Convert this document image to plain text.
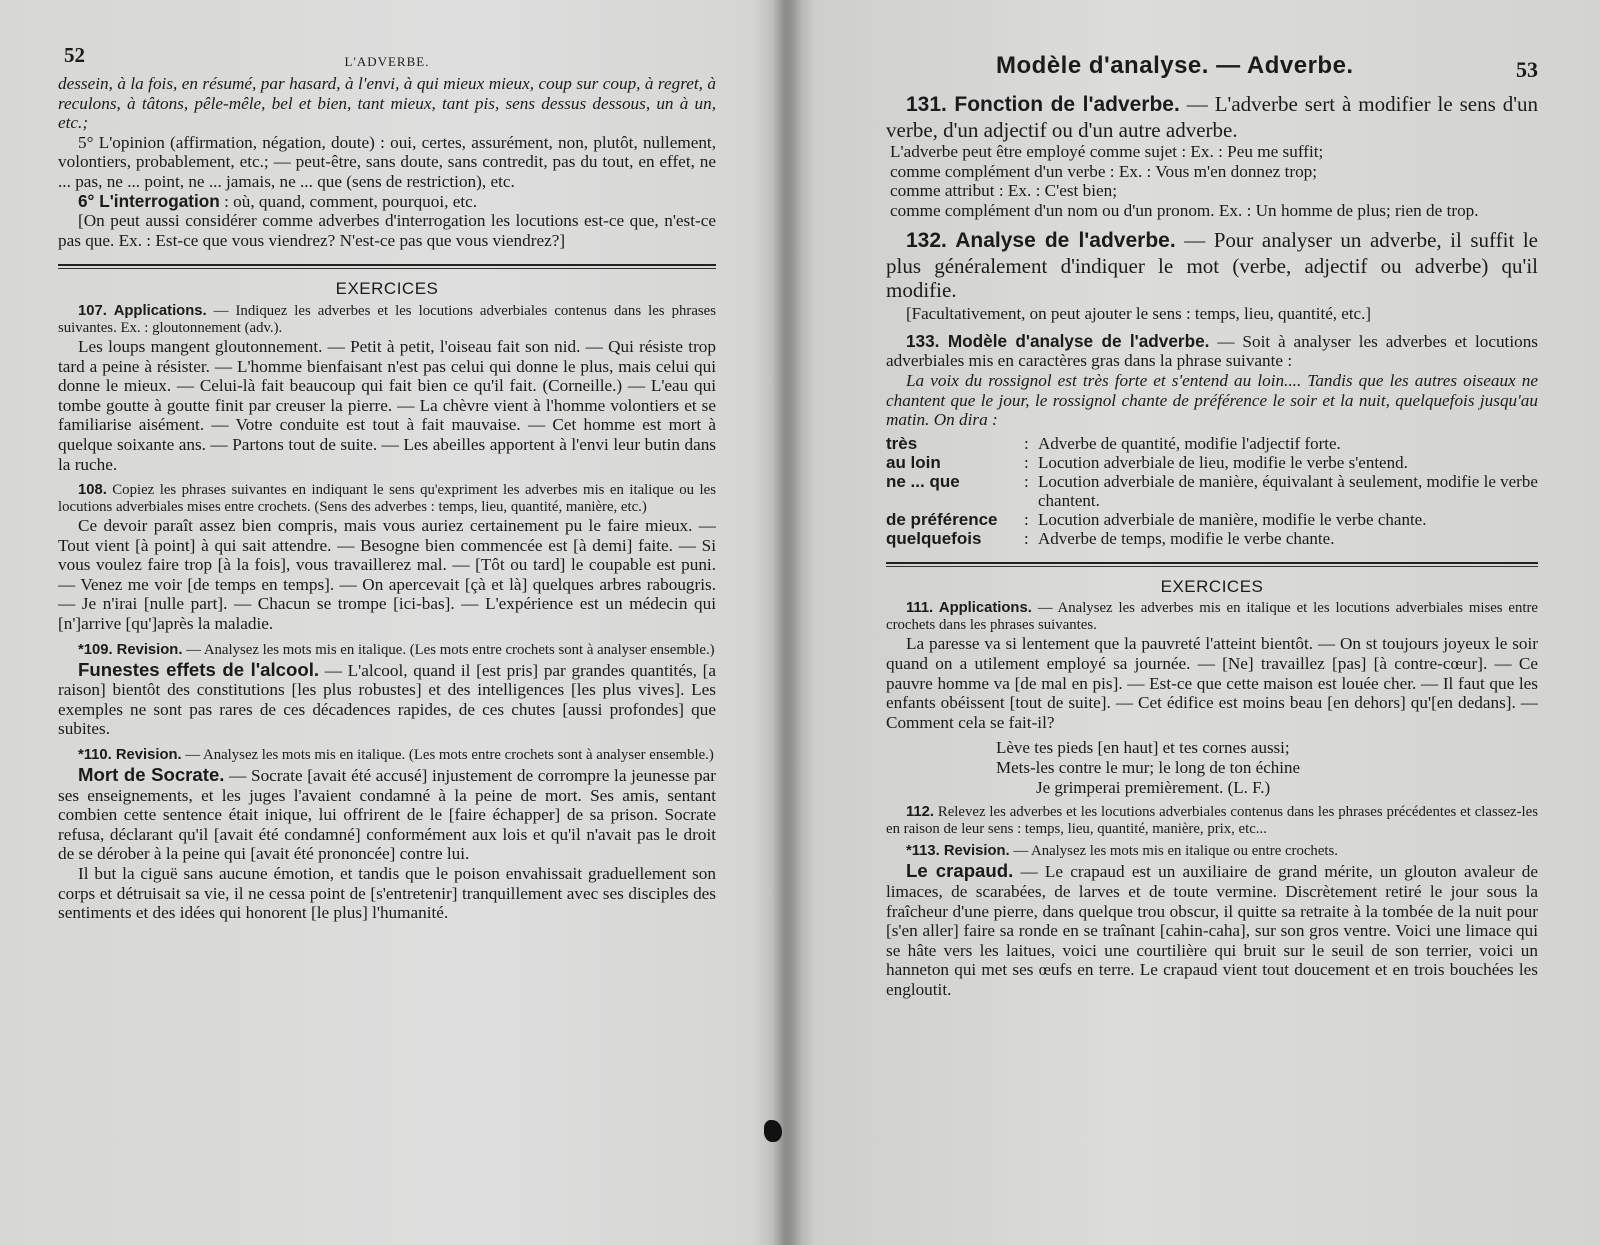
52	L'ADVERBE.

dessein, à la fois, en résumé, par hasard, à l'envi, à qui mieux mieux, coup sur coup, à regret, à reculons, à tâtons, pêle-mêle, bel et bien, tant mieux, tant pis, sens dessus dessous, un à un, etc.;

5° L'opinion (affirmation, négation, doute) : oui, certes, assurément, non, plutôt, nullement, volontiers, probablement, etc.; — peut-être, sans doute, sans contredit, pas du tout, en effet, ne ... pas, ne ... point, ne ... jamais, ne ... que (sens de restriction), etc.

6° L'interrogation : où, quand, comment, pourquoi, etc.

[On peut aussi considérer comme adverbes d'interrogation les locutions est-ce que, n'est-ce pas que. Ex. : Est-ce que vous viendrez? N'est-ce pas que vous viendrez?]

EXERCICES

107. Applications. — Indiquez les adverbes et les locutions adverbiales contenus dans les phrases suivantes. Ex. : gloutonnement (adv.).

Les loups mangent gloutonnement. — Petit à petit, l'oiseau fait son nid. — Qui résiste trop tard a peine à résister. — L'homme bienfaisant n'est pas celui qui donne le plus, mais celui qui donne le mieux. — Celui-là fait beaucoup qui fait bien ce qu'il fait. (Corneille.) — L'eau qui tombe goutte à goutte finit par creuser la pierre. — La chèvre vient à l'homme volontiers et se familiarise aisément. — Votre conduite est tout à fait mauvaise. — Cet homme est mort à quelque soixante ans. — Partons tout de suite. — Les abeilles apportent à l'envi leur butin dans la ruche.

108. Copiez les phrases suivantes en indiquant le sens qu'expriment les adverbes mis en italique ou les locutions adverbiales mises entre crochets. (Sens des adverbes : temps, lieu, quantité, manière, etc.)

Ce devoir paraît assez bien compris, mais vous auriez certainement pu le faire mieux. — Tout vient [à point] à qui sait attendre. — Besogne bien commencée est [à demi] faite. — Si vous voulez faire trop [à la fois], vous travaillerez mal. — [Tôt ou tard] le coupable est puni. — Venez me voir [de temps en temps]. — On apercevait [çà et là] quelques arbres rabougris. — Je n'irai [nulle part]. — Chacun se trompe [ici-bas]. — L'expérience est un médecin qui [n']arrive [qu']après la maladie.

*109. Revision. — Analysez les mots mis en italique. (Les mots entre crochets sont à analyser ensemble.)

Funestes effets de l'alcool. — L'alcool, quand il [est pris] par grandes quantités, [a raison] bientôt des constitutions [les plus robustes] et des intelligences [les plus vives]. Les exemples ne sont pas rares de ces décadences rapides, de ces chutes [aussi profondes] que subites.

*110. Revision. — Analysez les mots mis en italique. (Les mots entre crochets sont à analyser ensemble.)

Mort de Socrate. — Socrate [avait été accusé] injustement de corrompre la jeunesse par ses enseignements, et les juges l'avaient condamné à la peine de mort. Ses amis, sentant combien cette sentence était inique, lui offrirent de le [faire échapper] de sa prison. Socrate refusa, déclarant qu'il [avait été condamné] conformément aux lois et qu'il n'avait pas le droit de se dérober à la peine qui [avait été prononcée] contre lui.

Il but la ciguë sans aucune émotion, et tandis que le poison envahissait graduellement son corps et détruisait sa vie, il ne cessa point de [s'entretenir] tranquillement avec ses disciples des sentiments et des idées qui honorent [le plus] l'humanité.

Modèle d'analyse. — Adverbe.	53

131. Fonction de l'adverbe. — L'adverbe sert à modifier le sens d'un verbe, d'un adjectif ou d'un autre adverbe.

L'adverbe peut être employé comme sujet : Ex. : Peu me suffit;

comme complément d'un verbe : Ex. : Vous m'en donnez trop;

comme attribut : Ex. : C'est bien;

comme complément d'un nom ou d'un pronom. Ex. : Un homme de plus; rien de trop.

132. Analyse de l'adverbe. — Pour analyser un adverbe, il suffit le plus généralement d'indiquer le mot (verbe, adjectif ou adverbe) qu'il modifie.

[Facultativement, on peut ajouter le sens : temps, lieu, quantité, etc.]

133. Modèle d'analyse de l'adverbe. — Soit à analyser les adverbes et locutions adverbiales mis en caractères gras dans la phrase suivante :

La voix du rossignol est très forte et s'entend au loin.... Tandis que les autres oiseaux ne chantent que le jour, le rossignol chante de préférence le soir et la nuit, quelquefois jusqu'au matin. On dira :

très	:	Adverbe de quantité, modifie l'adjectif forte.
au loin	:	Locution adverbiale de lieu, modifie le verbe s'entend.
ne ... que	:	Locution adverbiale de manière, équivalant à seulement, modifie le verbe chantent.
de préférence	:	Locution adverbiale de manière, modifie le verbe chante.
quelquefois	:	Adverbe de temps, modifie le verbe chante.
EXERCICES

111. Applications. — Analysez les adverbes mis en italique et les locutions adverbiales mises entre crochets dans les phrases suivantes.

La paresse va si lentement que la pauvreté l'atteint bientôt. — On st toujours joyeux le soir quand on a utilement employé sa journée. — [Ne] travaillez [pas] [à contre-cœur]. — Ce pauvre homme va [de mal en pis]. — Est-ce que cette maison est louée cher. — Il faut que les enfants obéissent [tout de suite]. — Cet édifice est moins beau [en dehors] qu'[en dedans]. — Comment cela se fait-il?

Lève tes pieds [en haut] et tes cornes aussi;
Mets-les contre le mur; le long de ton échine
Je grimperai premièrement. (L. F.)

112. Relevez les adverbes et les locutions adverbiales contenus dans les phrases précédentes et classez-les en raison de leur sens : temps, lieu, quantité, manière, prix, etc...

*113. Revision. — Analysez les mots mis en italique ou entre crochets.

Le crapaud. — Le crapaud est un auxiliaire de grand mérite, un glouton avaleur de limaces, de scarabées, de larves et de toute vermine. Discrètement retiré le jour sous la fraîcheur d'une pierre, dans quelque trou obscur, il quitte sa retraite à la tombée de la nuit pour [s'en aller] faire sa ronde en se traînant [cahin-caha], sur son gros ventre. Voici une limace qui se hâte vers les laitues, voici une courtilière qui bruit sur le seuil de son terrier, voici un hanneton qui met ses œufs en terre. Le crapaud vient tout doucement et en trois bouchées les engloutit.
